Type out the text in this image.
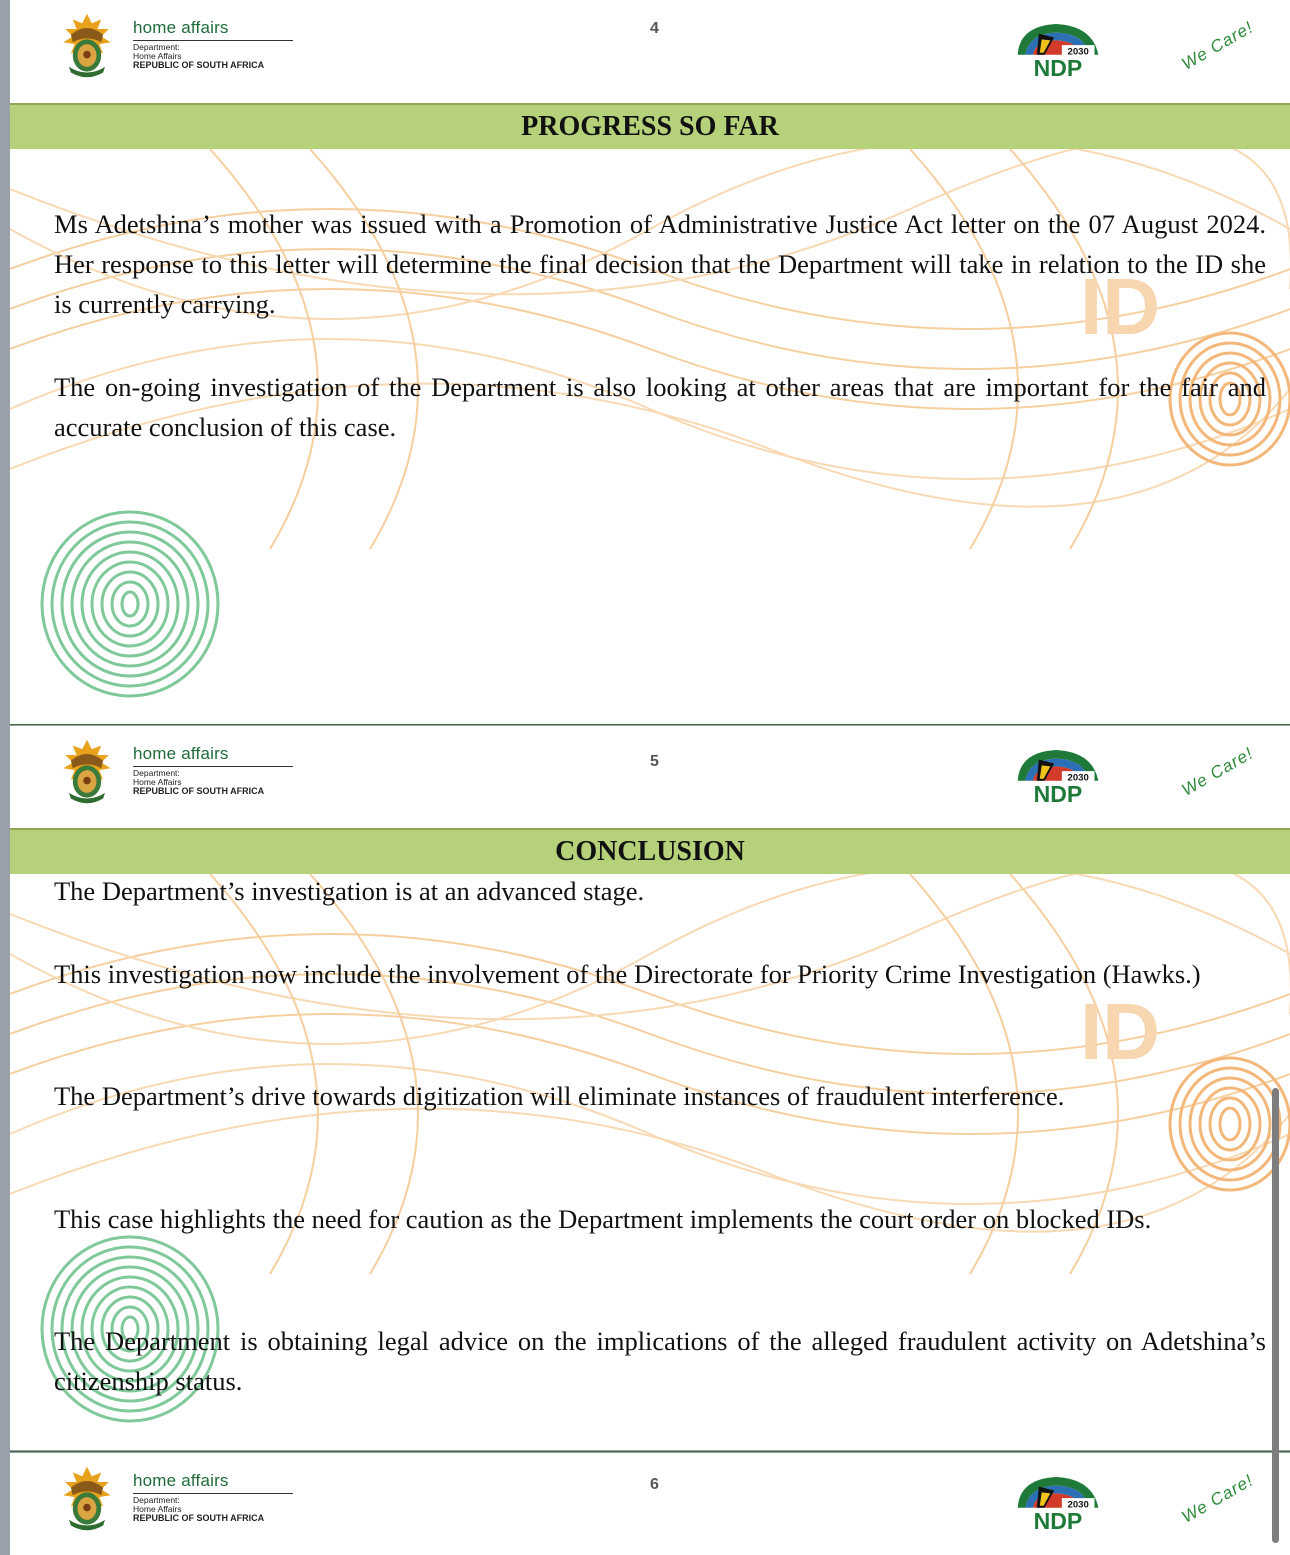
home affairs
Department:
Home Affairs
REPUBLIC OF SOUTH AFRICA
4
2030
NDP	We Care!
PROGRESS SO FAR
Ms Adetshina’s mother was issued with a Promotion of Administrative Justice Act letter on the 07 August 2024. Her response to this letter will determine the final decision that the Department will take in relation to the ID she is currently carrying.
The on-going investigation of the Department is also looking at other areas that are important for the fair and accurate conclusion of this case.
home affairs
Department:
Home Affairs
REPUBLIC OF SOUTH AFRICA
5
2030
NDP	We Care!
CONCLUSION
The Department’s investigation is at an advanced stage.
This investigation now include the involvement of the Directorate for Priority Crime Investigation (Hawks.)
The Department’s drive towards digitization will eliminate instances of fraudulent interference.
This case highlights the need for caution as the Department implements the court order on blocked IDs.
The Department is obtaining legal advice on the implications of the alleged fraudulent activity on Adetshina’s citizenship status.
home affairs
Department:
Home Affairs
REPUBLIC OF SOUTH AFRICA
6
2030
NDP	We Care!
